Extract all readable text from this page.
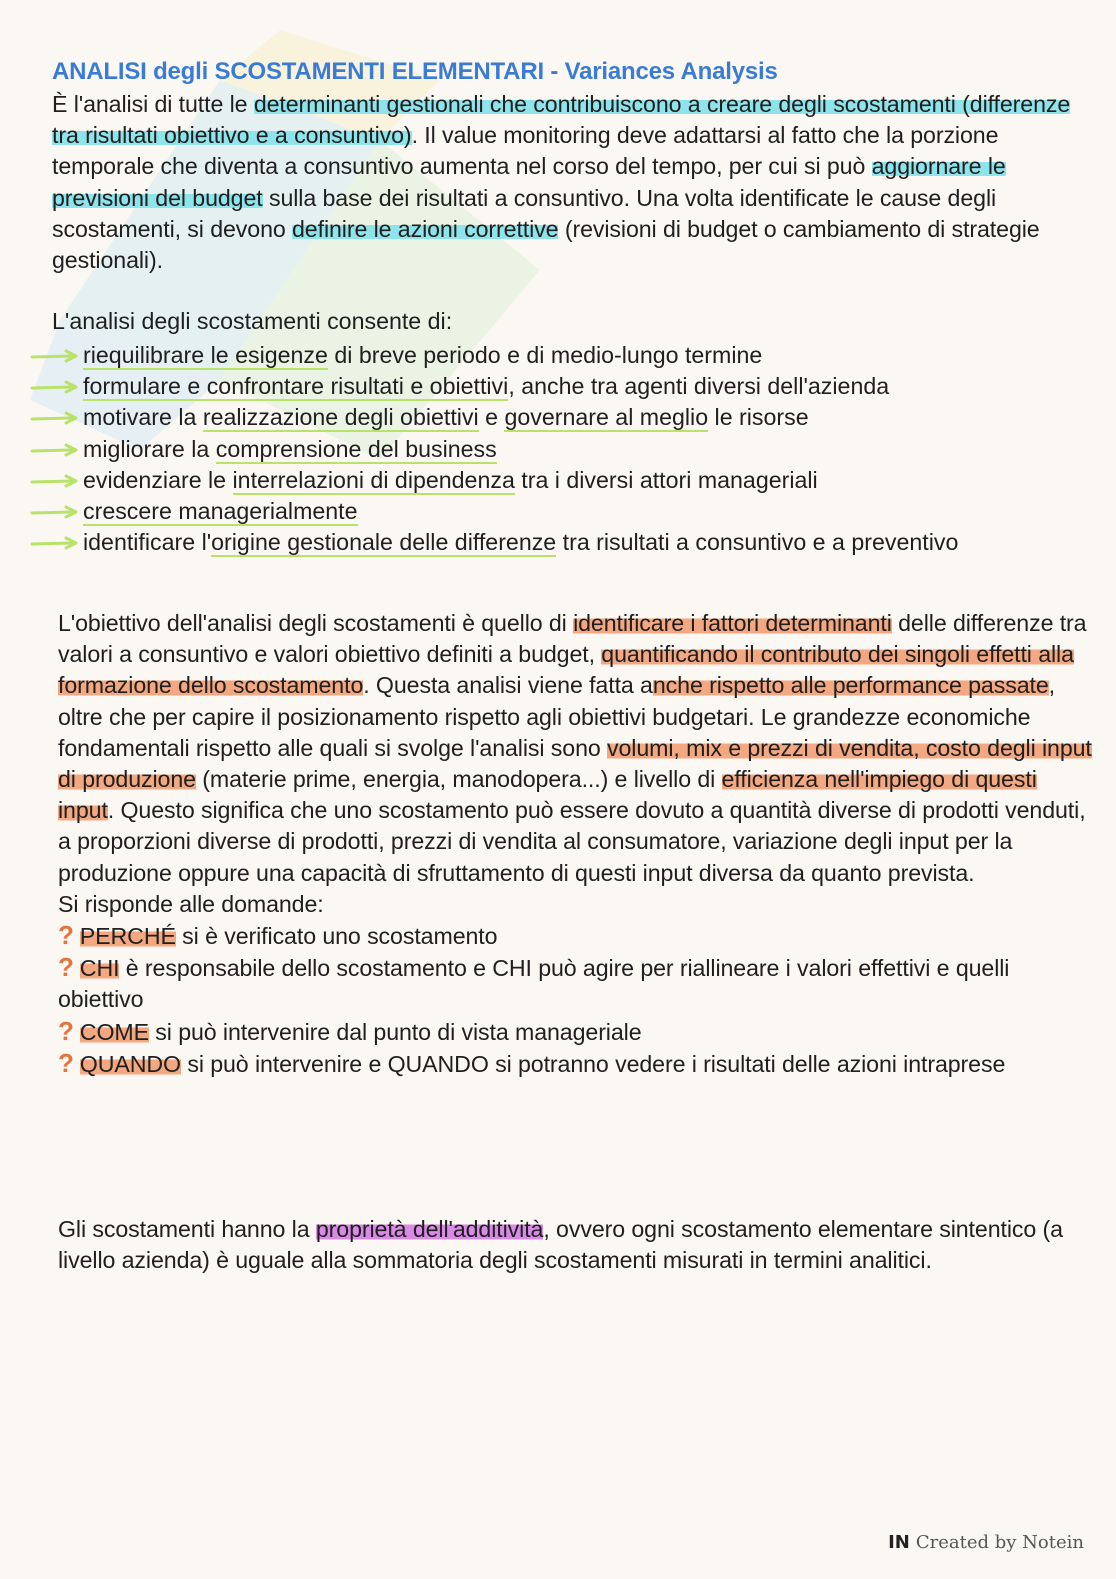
ANALISI degli SCOSTAMENTI ELEMENTARI - Variances Analysis
È l'analisi di tutte le determinanti gestionali che contribuiscono a creare degli scostamenti (differenze tra risultati obiettivo e a consuntivo). Il value monitoring deve adattarsi al fatto che la porzione temporale che diventa a consuntivo aumenta nel corso del tempo, per cui si può aggiornare le previsioni del budget sulla base dei risultati a consuntivo. Una volta identificate le cause degli scostamenti, si devono definire le azioni correttive (revisioni di budget o cambiamento di strategie gestionali).
L'analisi degli scostamenti consente di:
riequilibrare le esigenze di breve periodo e di medio-lungo termine
formulare e confrontare risultati e obiettivi, anche tra agenti diversi dell'azienda
motivare la realizzazione degli obiettivi e governare al meglio le risorse
migliorare la comprensione del business
evidenziare le interrelazioni di dipendenza tra i diversi attori manageriali
crescere managerialmente
identificare l'origine gestionale delle differenze tra risultati a consuntivo e a preventivo
L'obiettivo dell'analisi degli scostamenti è quello di identificare i fattori determinanti delle differenze tra valori a consuntivo e valori obiettivo definiti a budget, quantificando il contributo dei singoli effetti alla formazione dello scostamento. Questa analisi viene fatta anche rispetto alle performance passate, oltre che per capire il posizionamento rispetto agli obiettivi budgetari. Le grandezze economiche fondamentali rispetto alle quali si svolge l'analisi sono volumi, mix e prezzi di vendita, costo degli input di produzione (materie prime, energia, manodopera...) e livello di efficienza nell'impiego di questi input. Questo significa che uno scostamento può essere dovuto a quantità diverse di prodotti venduti, a proporzioni diverse di prodotti, prezzi di vendita al consumatore, variazione degli input per la produzione oppure una capacità di sfruttamento di questi input diversa da quanto prevista.
Si risponde alle domande:
? PERCHÉ si è verificato uno scostamento
? CHI è responsabile dello scostamento e CHI può agire per riallineare i valori effettivi e quelli obiettivo
? COME si può intervenire dal punto di vista manageriale
? QUANDO si può intervenire e QUANDO si potranno vedere i risultati delle azioni intraprese
Gli scostamenti hanno la proprietà dell'additività, ovvero ogni scostamento elementare sintentico (a livello azienda) è uguale alla sommatoria degli scostamenti misurati in termini analitici.
IN Created by Notein
